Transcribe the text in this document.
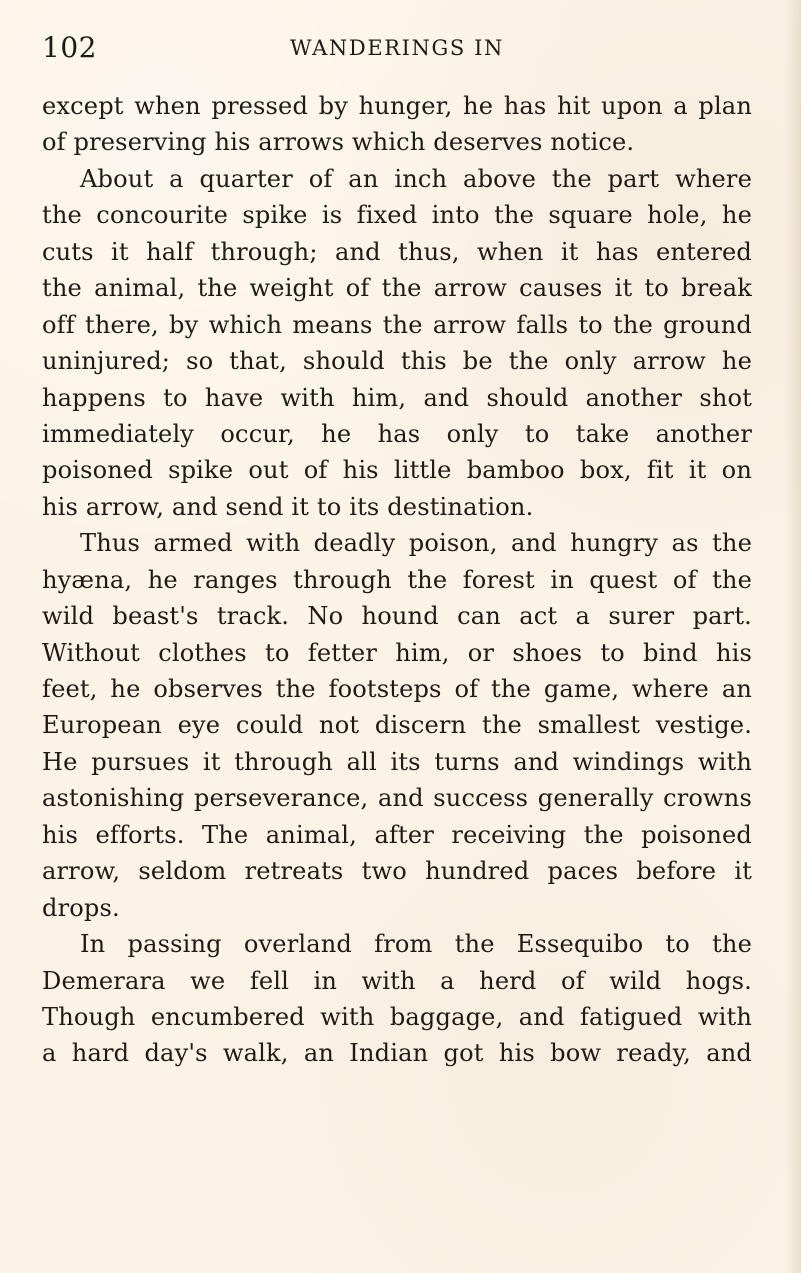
102	WANDERINGS IN
except when pressed by hunger, he has hit upon a plan
of preserving his arrows which deserves notice.
About a quarter of an inch above the part where
the concourite spike is fixed into the square hole, he
cuts it half through; and thus, when it has entered
the animal, the weight of the arrow causes it to break
off there, by which means the arrow falls to the ground
uninjured; so that, should this be the only arrow he
happens to have with him, and should another shot
immediately occur, he has only to take another
poisoned spike out of his little bamboo box, fit it on
his arrow, and send it to its destination.
Thus armed with deadly poison, and hungry as the
hyæna, he ranges through the forest in quest of the
wild beast's track. No hound can act a surer part.
Without clothes to fetter him, or shoes to bind his
feet, he observes the footsteps of the game, where an
European eye could not discern the smallest vestige.
He pursues it through all its turns and windings with
astonishing perseverance, and success generally crowns
his efforts. The animal, after receiving the poisoned
arrow, seldom retreats two hundred paces before it
drops.
In passing overland from the Essequibo to the
Demerara we fell in with a herd of wild hogs.
Though encumbered with baggage, and fatigued with
a hard day's walk, an Indian got his bow ready, and
